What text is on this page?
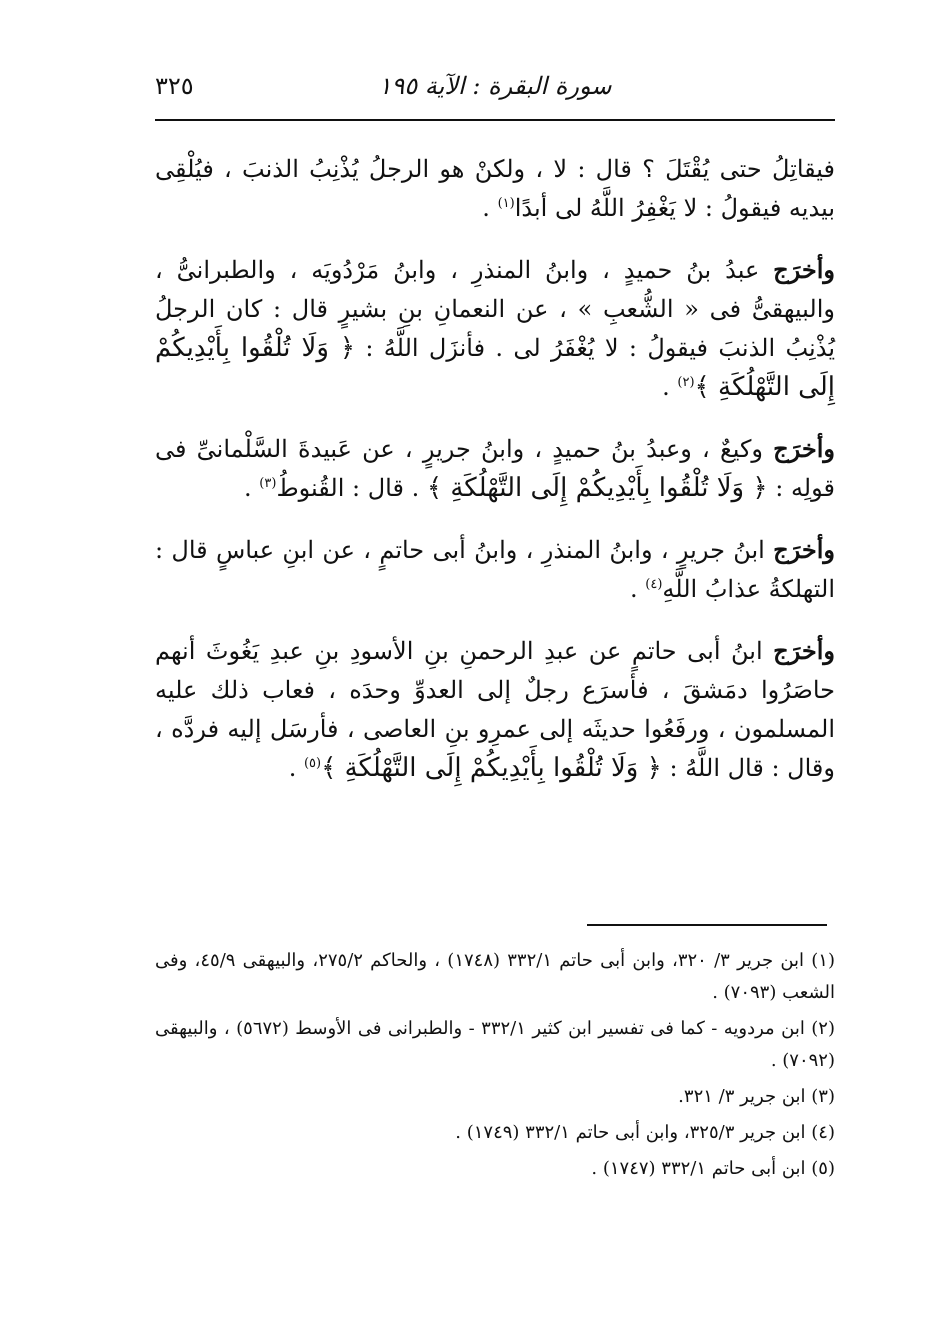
سورة البقرة : الآية ١٩٥
٣٢٥

فيقاتِلُ حتى يُقْتَلَ ؟ قال : لا ، ولكنْ هو الرجلُ يُذْنِبُ الذنبَ ، فيُلْقِى بيديه فيقولُ : لا يَغْفِرُ اللَّهُ لى أبدًا$^{(١)}$ .

وأخرَج عبدُ بنُ حميدٍ ، وابنُ المنذرِ ، وابنُ مَرْدُويَه ، والطبرانىُّ ، والبيهقىُّ فى « الشُّعبِ » ، عن النعمانِ بنِ بشيرٍ قال : كان الرجلُ يُذْنِبُ الذنبَ فيقولُ : لا يُغْفَرُ لى . فأنزَل اللَّهُ : ﴿ وَلَا تُلْقُوا بِأَيْدِيكُمْ إِلَى التَّهْلُكَةِ ﴾$^{(٢)}$ .

وأخرَج وكيعٌ ، وعبدُ بنُ حميدٍ ، وابنُ جريرٍ ، عن عَبيدةَ السَّلْمانىِّ فى قولِه : ﴿ وَلَا تُلْقُوا بِأَيْدِيكُمْ إِلَى التَّهْلُكَةِ ﴾ . قال : القُنوطُ$^{(٣)}$ .

وأخرَج ابنُ جريرٍ ، وابنُ المنذرِ ، وابنُ أبى حاتمٍ ، عن ابنِ عباسٍ قال : التهلكةُ عذابُ اللَّهِ$^{(٤)}$ .

وأخرَج ابنُ أبى حاتمٍ عن عبدِ الرحمنِ بنِ الأسودِ بنِ عبدِ يَغُوثَ أنهم حاصَرُوا دمَشقَ ، فأسرَع رجلٌ إلى العدوِّ وحدَه ، فعاب ذلك عليه المسلمون ، ورفَعُوا حديثَه إلى عمرِو بنِ العاصى ، فأرسَل إليه فردَّه ، وقال : قال اللَّهُ : ﴿ وَلَا تُلْقُوا بِأَيْدِيكُمْ إِلَى التَّهْلُكَةِ ﴾$^{(٥)}$ .

(١) ابن جرير ٣/ ٣٢٠، وابن أبى حاتم ٣٣٢/١ (١٧٤٨) ، والحاكم ٢٧٥/٢، والبيهقى ٤٥/٩، وفى الشعب (٧٠٩٣) .

(٢) ابن مردويه - كما فى تفسير ابن كثير ٣٣٢/١ - والطبرانى فى الأوسط (٥٦٧٢) ، والبيهقى (٧٠٩٢) .

(٣) ابن جرير ٣/ ٣٢١.

(٤) ابن جرير ٣٢٥/٣، وابن أبى حاتم ٣٣٢/١ (١٧٤٩) .

(٥) ابن أبى حاتم ٣٣٢/١ (١٧٤٧) .
